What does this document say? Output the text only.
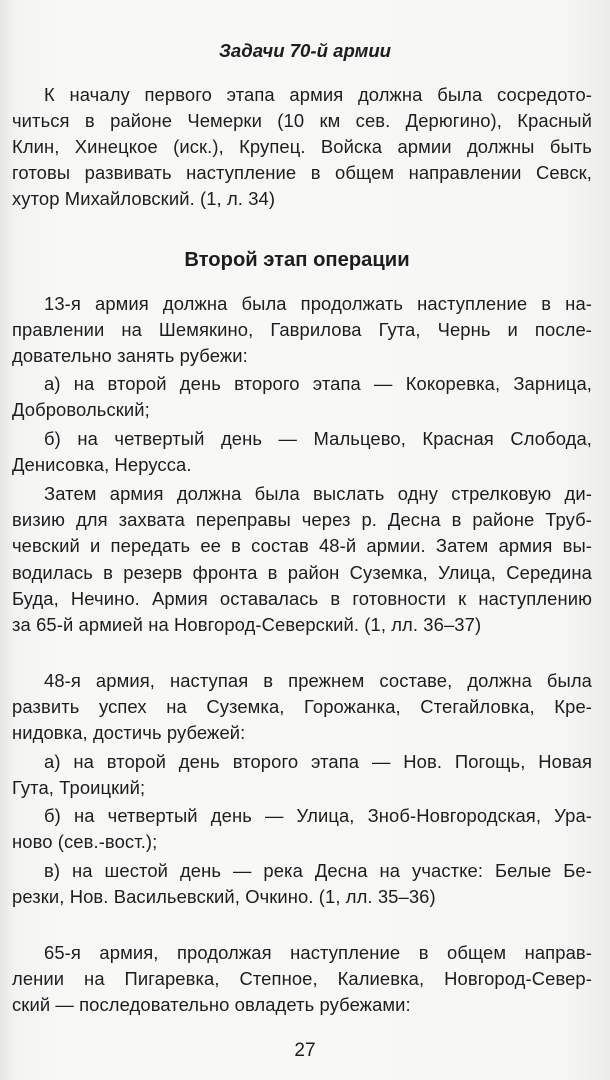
Задачи 70-й армии
К началу первого этапа армия должна была сосредото-
читься в районе Чемерки (10 км сев. Дерюгино), Красный
Клин, Хинецкое (иск.), Крупец. Войска армии должны быть
готовы развивать наступление в общем направлении Севск,
хутор Михайловский. (1, л. 34)
Второй этап операции
13-я армия должна была продолжать наступление в на-
правлении на Шемякино, Гаврилова Гута, Чернь и после-
довательно занять рубежи:
а) на второй день второго этапа — Кокоревка, Зарница,
Добровольский;
б) на четвертый день — Мальцево, Красная Слобода,
Денисовка, Нерусса.
Затем армия должна была выслать одну стрелковую ди-
визию для захвата переправы через р. Десна в районе Труб-
чевский и передать ее в состав 48-й армии. Затем армия вы-
водилась в резерв фронта в район Суземка, Улица, Середина
Буда, Нечино. Армия оставалась в готовности к наступлению
за 65-й армией на Новгород-Северский. (1, лл. 36–37)
48-я армия, наступая в прежнем составе, должна была
развить успех на Суземка, Горожанка, Стегайловка, Кре-
нидовка, достичь рубежей:
а) на второй день второго этапа — Нов. Погощь, Новая
Гута, Троицкий;
б) на четвертый день — Улица, Зноб-Новгородская, Ура-
ново (сев.-вост.);
в) на шестой день — река Десна на участке: Белые Бе-
резки, Нов. Васильевский, Очкино. (1, лл. 35–36)
65-я армия, продолжая наступление в общем направ-
лении на Пигаревка, Степное, Калиевка, Новгород-Север-
ский — последовательно овладеть рубежами:
27
